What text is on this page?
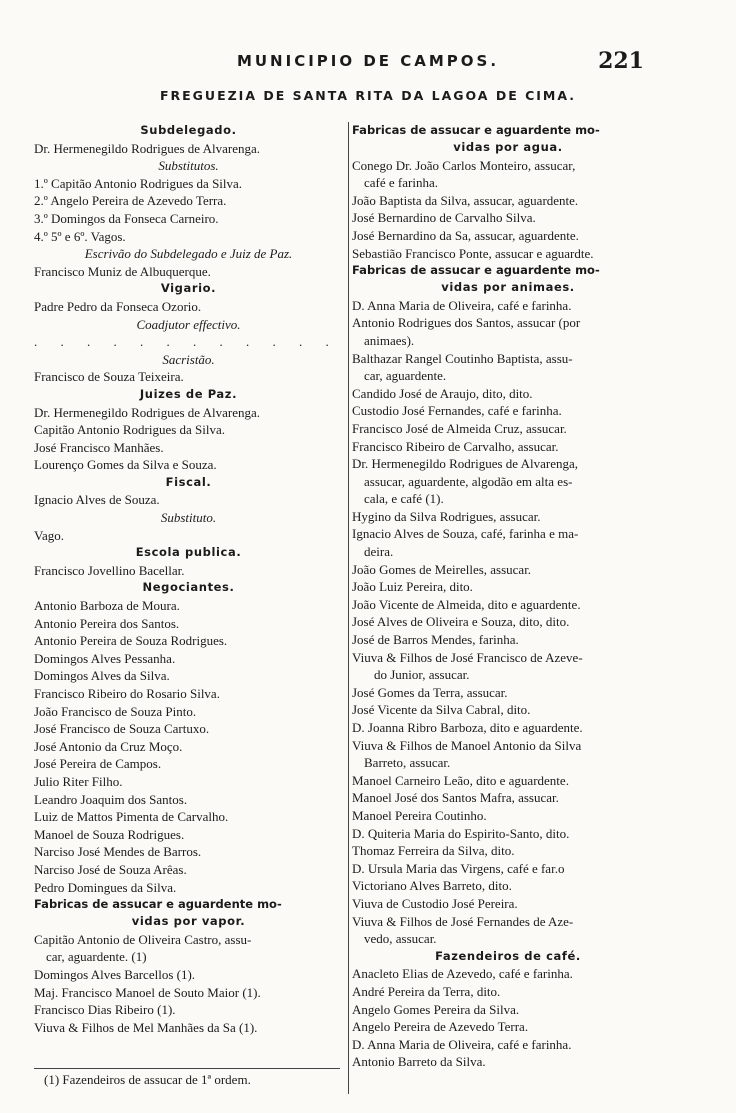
MUNICIPIO DE CAMPOS.	221
FREGUEZIA DE SANTA RITA DA LAGOA DE CIMA.
Subdelegado.
Dr. Hermenegildo Rodrigues de Alvarenga.
Substitutos.
1.º Capitão Antonio Rodrigues da Silva.
2.º Angelo Pereira de Azevedo Terra.
3.º Domingos da Fonseca Carneiro.
4.º 5º e 6º. Vagos.
Escrivão do Subdelegado e Juiz de Paz.
Francisco Muniz de Albuquerque.
Vigario.
Padre Pedro da Fonseca Ozorio.
Coadjutor effectivo.
. . . . . . . . . . . .
Sacristão.
Francisco de Souza Teixeira.
Juizes de Paz.
Dr. Hermenegildo Rodrigues de Alvarenga.
Capitão Antonio Rodrigues da Silva.
José Francisco Manhães.
Lourenço Gomes da Silva e Souza.
Fiscal.
Ignacio Alves de Souza.
Substituto.
Vago.
Escola publica.
Francisco Jovellino Bacellar.
Negociantes.
Antonio Barboza de Moura.
Antonio Pereira dos Santos.
Antonio Pereira de Souza Rodrigues.
Domingos Alves Pessanha.
Domingos Alves da Silva.
Francisco Ribeiro do Rosario Silva.
João Francisco de Souza Pinto.
José Francisco de Souza Cartuxo.
José Antonio da Cruz Moço.
José Pereira de Campos.
Julio Riter Filho.
Leandro Joaquim dos Santos.
Luiz de Mattos Pimenta de Carvalho.
Manoel de Souza Rodrigues.
Narciso José Mendes de Barros.
Narciso José de Souza Arêas.
Pedro Domingues da Silva.
Fabricas de assucar e aguardente mo-
vidas por vapor.
Capitão Antonio de Oliveira Castro, assu-
car, aguardente. (1)
Domingos Alves Barcellos (1).
Maj. Francisco Manoel de Souto Maior (1).
Francisco Dias Ribeiro (1).
Viuva & Filhos de Mel Manhães da Sa (1).
(1) Fazendeiros de assucar de 1ª ordem.
Fabricas de assucar e aguardente mo-
vidas por agua.
Conego Dr. João Carlos Monteiro, assucar,
café e farinha.
João Baptista da Silva, assucar, aguardente.
José Bernardino de Carvalho Silva.
José Bernardino da Sa, assucar, aguardente.
Sebastião Francisco Ponte, assucar e aguardte.
Fabricas de assucar e aguardente mo-
vidas por animaes.
D. Anna Maria de Oliveira, café e farinha.
Antonio Rodrigues dos Santos, assucar (por
animaes).
Balthazar Rangel Coutinho Baptista, assu-
car, aguardente.
Candido José de Araujo, dito, dito.
Custodio José Fernandes, café e farinha.
Francisco José de Almeida Cruz, assucar.
Francisco Ribeiro de Carvalho, assucar.
Dr. Hermenegildo Rodrigues de Alvarenga,
assucar, aguardente, algodão em alta es-
cala, e café (1).
Hygino da Silva Rodrigues, assucar.
Ignacio Alves de Souza, café, farinha e ma-
deira.
João Gomes de Meirelles, assucar.
João Luiz Pereira, dito.
João Vicente de Almeida, dito e aguardente.
José Alves de Oliveira e Souza, dito, dito.
José de Barros Mendes, farinha.
Viuva & Filhos de José Francisco de Azeve-
do Junior, assucar.
José Gomes da Terra, assucar.
José Vicente da Silva Cabral, dito.
D. Joanna Ribro Barboza, dito e aguardente.
Viuva & Filhos de Manoel Antonio da Silva
Barreto, assucar.
Manoel Carneiro Leão, dito e aguardente.
Manoel José dos Santos Mafra, assucar.
Manoel Pereira Coutinho.
D. Quiteria Maria do Espirito-Santo, dito.
Thomaz Ferreira da Silva, dito.
D. Ursula Maria das Virgens, café e far.o
Victoriano Alves Barreto, dito.
Viuva de Custodio José Pereira.
Viuva & Filhos de José Fernandes de Aze-
vedo, assucar.
Fazendeiros de café.
Anacleto Elias de Azevedo, café e farinha.
André Pereira da Terra, dito.
Angelo Gomes Pereira da Silva.
Angelo Pereira de Azevedo Terra.
D. Anna Maria de Oliveira, café e farinha.
Antonio Barreto da Silva.
